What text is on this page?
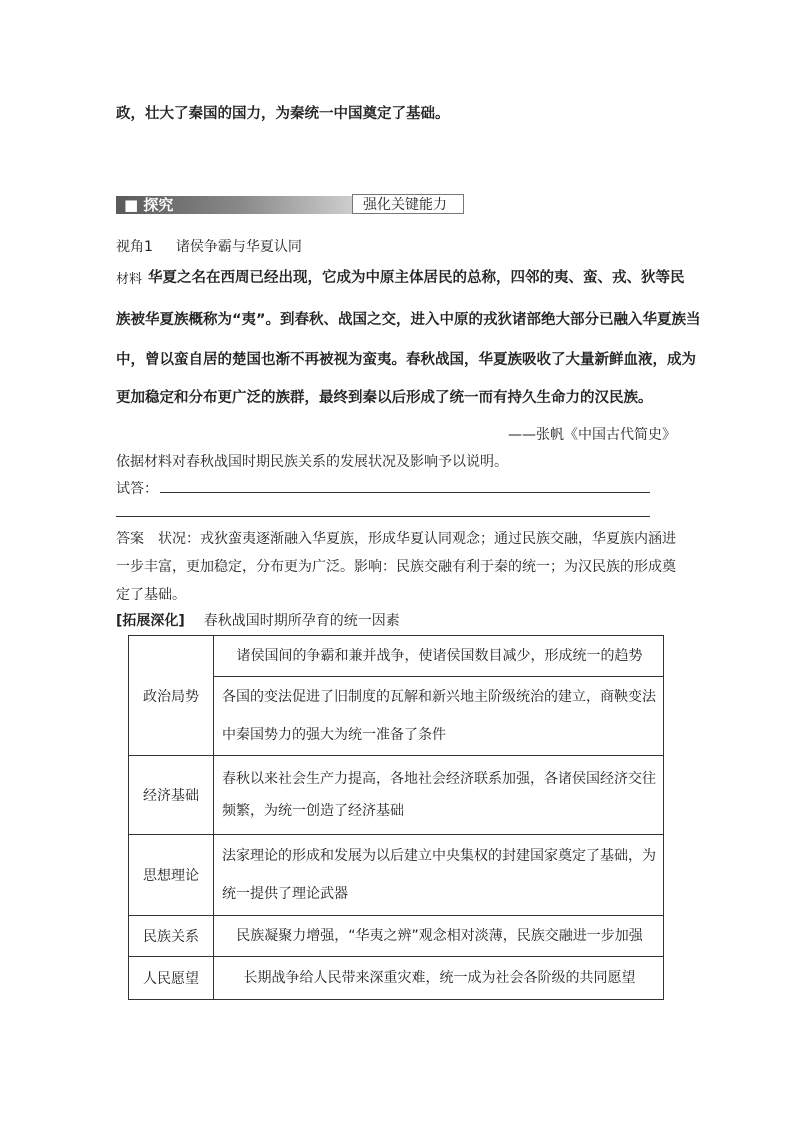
政，壮大了秦国的国力，为秦统一中国奠定了基础。
■ 探究	强化关键能力
视角1 诸侯争霸与华夏认同
材料 华夏之名在西周已经出现，它成为中原主体居民的总称，四邻的夷、蛮、戎、狄等民
族被华夏族概称为“夷”。到春秋、战国之交，进入中原的戎狄诸部绝大部分已融入华夏族当
中，曾以蛮自居的楚国也渐不再被视为蛮夷。春秋战国，华夏族吸收了大量新鲜血液，成为
更加稳定和分布更广泛的族群，最终到秦以后形成了统一而有持久生命力的汉民族。
——张帆《中国古代简史》
依据材料对春秋战国时期民族关系的发展状况及影响予以说明。
试答：
答案 状况：戎狄蛮夷逐渐融入华夏族，形成华夏认同观念；通过民族交融，华夏族内涵进
一步丰富，更加稳定，分布更为广泛。影响：民族交融有利于秦的统一；为汉民族的形成奠
定了基础。
[拓展深化] 春秋战国时期所孕育的统一因素
政治局势	诸侯国间的争霸和兼并战争，使诸侯国数目减少，形成统一的趋势

	各国的变法促进了旧制度的瓦解和新兴地主阶级统治的建立，商鞅变法
中秦国势力的强大为统一准备了条件

经济基础	春秋以来社会生产力提高，各地社会经济联系加强，各诸侯国经济交往
频繁，为统一创造了经济基础

思想理论	法家理论的形成和发展为以后建立中央集权的封建国家奠定了基础，为
统一提供了理论武器

民族关系	民族凝聚力增强，“华夷之辨”观念相对淡薄，民族交融进一步加强
人民愿望	长期战争给人民带来深重灾难，统一成为社会各阶级的共同愿望
